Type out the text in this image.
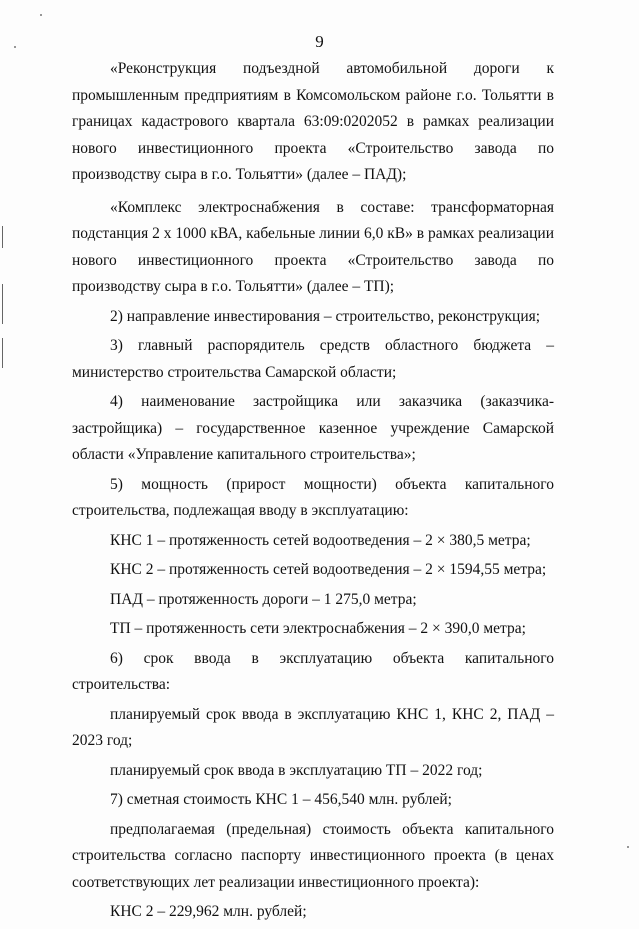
9

«Реконструкция подъездной автомобильной дороги к промышленным предприятиям в Комсомольском районе г.о. Тольятти в границах кадастрового квартала 63:09:0202052 в рамках реализации нового инвестиционного проекта «Строительство завода по производству сыра в г.о. Тольятти» (далее – ПАД);

«Комплекс электроснабжения в составе: трансформаторная подстанция 2 х 1000 кВА, кабельные линии 6,0 кВ» в рамках реализации нового инвестиционного проекта «Строительство завода по производству сыра в г.о. Тольятти» (далее – ТП);

2) направление инвестирования – строительство, реконструкция;

3) главный распорядитель средств областного бюджета – министерство строительства Самарской области;

4) наименование застройщика или заказчика (заказчика-застройщика) – государственное казенное учреждение Самарской области «Управление капитального строительства»;

5) мощность (прирост мощности) объекта капитального строительства, подлежащая вводу в эксплуатацию:

КНС 1 – протяженность сетей водоотведения – 2 × 380,5 метра;

КНС 2 – протяженность сетей водоотведения – 2 × 1594,55 метра;

ПАД – протяженность дороги – 1 275,0 метра;

ТП – протяженность сети электроснабжения – 2 × 390,0 метра;

6) срок ввода в эксплуатацию объекта капитального строительства:

планируемый срок ввода в эксплуатацию КНС 1, КНС 2, ПАД – 2023 год;

планируемый срок ввода в эксплуатацию ТП – 2022 год;

7) сметная стоимость КНС 1 – 456,540 млн. рублей;

предполагаемая (предельная) стоимость объекта капитального строительства согласно паспорту инвестиционного проекта (в ценах соответствующих лет реализации инвестиционного проекта):

КНС 2 – 229,962 млн. рублей;
